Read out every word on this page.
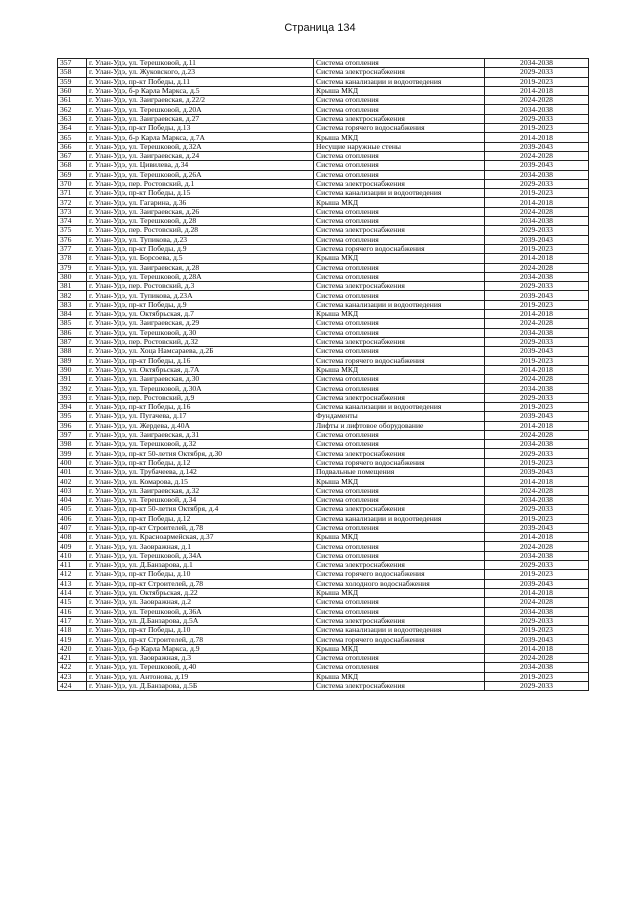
Страница 134
357	г. Улан-Удэ, ул. Терешковой, д.11	Система отопления	2034-2038
358	г. Улан-Удэ, ул. Жуковского, д.23	Система электроснабжения	2029-2033
359	г. Улан-Удэ, пр-кт Победы, д.11	Система канализации и водоотведения	2019-2023
360	г. Улан-Удэ, б-р Карла Маркса, д.5	Крыша МКД	2014-2018
361	г. Улан-Удэ, ул. Заиграевская, д.22/2	Система отопления	2024-2028
362	г. Улан-Удэ, ул. Терешковой, д.20А	Система отопления	2034-2038
363	г. Улан-Удэ, ул. Заиграевская, д.27	Система электроснабжения	2029-2033
364	г. Улан-Удэ, пр-кт Победы, д.13	Система горячего водоснабжения	2019-2023
365	г. Улан-Удэ, б-р Карла Маркса, д.7А	Крыша МКД	2014-2018
366	г. Улан-Удэ, ул. Терешковой, д.32А	Несущие наружные стены	2039-2043
367	г. Улан-Удэ, ул. Заиграевская, д.24	Система отопления	2024-2028
368	г. Улан-Удэ, ул. Цивилева, д.34	Система отопления	2039-2043
369	г. Улан-Удэ, ул. Терешковой, д.26А	Система отопления	2034-2038
370	г. Улан-Удэ, пер. Ростовский, д.1	Система электроснабжения	2029-2033
371	г. Улан-Удэ, пр-кт Победы, д.15	Система канализации и водоотведения	2019-2023
372	г. Улан-Удэ, ул. Гагарина, д.36	Крыша МКД	2014-2018
373	г. Улан-Удэ, ул. Заиграевская, д.26	Система отопления	2024-2028
374	г. Улан-Удэ, ул. Терешковой, д.28	Система отопления	2034-2038
375	г. Улан-Удэ, пер. Ростовский, д.28	Система электроснабжения	2029-2033
376	г. Улан-Удэ, ул. Тупикова, д.23	Система отопления	2039-2043
377	г. Улан-Удэ, пр-кт Победы, д.9	Система горячего водоснабжения	2019-2023
378	г. Улан-Удэ, ул. Борсоева, д.5	Крыша МКД	2014-2018
379	г. Улан-Удэ, ул. Заиграевская, д.28	Система отопления	2024-2028
380	г. Улан-Удэ, ул. Терешковой, д.28А	Система отопления	2034-2038
381	г. Улан-Удэ, пер. Ростовский, д.3	Система электроснабжения	2029-2033
382	г. Улан-Удэ, ул. Тупикова, д.23А	Система отопления	2039-2043
383	г. Улан-Удэ, пр-кт Победы, д.9	Система канализации и водоотведения	2019-2023
384	г. Улан-Удэ, ул. Октябрьская, д.7	Крыша МКД	2014-2018
385	г. Улан-Удэ, ул. Заиграевская, д.29	Система отопления	2024-2028
386	г. Улан-Удэ, ул. Терешковой, д.30	Система отопления	2034-2038
387	г. Улан-Удэ, пер. Ростовский, д.32	Система электроснабжения	2029-2033
388	г. Улан-Удэ, ул. Хоца Намсараева, д.2Б	Система отопления	2039-2043
389	г. Улан-Удэ, пр-кт Победы, д.16	Система горячего водоснабжения	2019-2023
390	г. Улан-Удэ, ул. Октябрьская, д.7А	Крыша МКД	2014-2018
391	г. Улан-Удэ, ул. Заиграевская, д.30	Система отопления	2024-2028
392	г. Улан-Удэ, ул. Терешковой, д.30А	Система отопления	2034-2038
393	г. Улан-Удэ, пер. Ростовский, д.9	Система электроснабжения	2029-2033
394	г. Улан-Удэ, пр-кт Победы, д.16	Система канализации и водоотведения	2019-2023
395	г. Улан-Удэ, ул. Пугачева, д.17	Фундаменты	2039-2043
396	г. Улан-Удэ, ул. Жердева, д.40А	Лифты и лифтовое оборудование	2014-2018
397	г. Улан-Удэ, ул. Заиграевская, д.31	Система отопления	2024-2028
398	г. Улан-Удэ, ул. Терешковой, д.32	Система отопления	2034-2038
399	г. Улан-Удэ, пр-кт 50-летия Октября, д.30	Система электроснабжения	2029-2033
400	г. Улан-Удэ, пр-кт Победы, д.12	Система горячего водоснабжения	2019-2023
401	г. Улан-Удэ, ул. Трубачеева, д.142	Подвальные помещения	2039-2043
402	г. Улан-Удэ, ул. Комарова, д.15	Крыша МКД	2014-2018
403	г. Улан-Удэ, ул. Заиграевская, д.32	Система отопления	2024-2028
404	г. Улан-Удэ, ул. Терешковой, д.34	Система отопления	2034-2038
405	г. Улан-Удэ, пр-кт 50-летия Октября, д.4	Система электроснабжения	2029-2033
406	г. Улан-Удэ, пр-кт Победы, д.12	Система канализации и водоотведения	2019-2023
407	г. Улан-Удэ, пр-кт Строителей, д.78	Система отопления	2039-2043
408	г. Улан-Удэ, ул. Красноармейская, д.37	Крыша МКД	2014-2018
409	г. Улан-Удэ, ул. Заовражная, д.1	Система отопления	2024-2028
410	г. Улан-Удэ, ул. Терешковой, д.34А	Система отопления	2034-2038
411	г. Улан-Удэ, ул. Д.Банзарова, д.1	Система электроснабжения	2029-2033
412	г. Улан-Удэ, пр-кт Победы, д.10	Система горячего водоснабжения	2019-2023
413	г. Улан-Удэ, пр-кт Строителей, д.78	Система холодного водоснабжения	2039-2043
414	г. Улан-Удэ, ул. Октябрьская, д.22	Крыша МКД	2014-2018
415	г. Улан-Удэ, ул. Заовражная, д.2	Система отопления	2024-2028
416	г. Улан-Удэ, ул. Терешковой, д.36А	Система отопления	2034-2038
417	г. Улан-Удэ, ул. Д.Банзарова, д.5А	Система электроснабжения	2029-2033
418	г. Улан-Удэ, пр-кт Победы, д.10	Система канализации и водоотведения	2019-2023
419	г. Улан-Удэ, пр-кт Строителей, д.78	Система горячего водоснабжения	2039-2043
420	г. Улан-Удэ, б-р Карла Маркса, д.9	Крыша МКД	2014-2018
421	г. Улан-Удэ, ул. Заовражная, д.3	Система отопления	2024-2028
422	г. Улан-Удэ, ул. Терешковой, д.40	Система отопления	2034-2038
423	г. Улан-Удэ, ул. Антонова, д.19	Крыша МКД	2019-2023
424	г. Улан-Удэ, ул. Д.Банзарова, д.5Б	Система электроснабжения	2029-2033
